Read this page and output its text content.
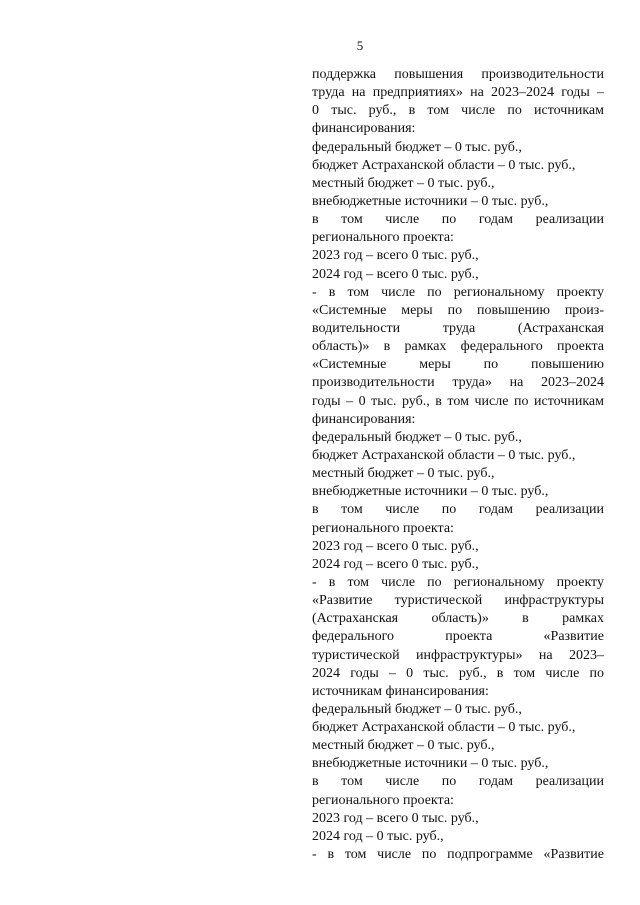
5
поддержка повышения производительности
труда на предприятиях» на 2023–2024 годы –
0 тыс. руб., в том числе по источникам
финансирования:
федеральный бюджет – 0 тыс. руб.,
бюджет Астраханской области – 0 тыс. руб.,
местный бюджет – 0 тыс. руб.,
внебюджетные источники – 0 тыс. руб.,
в том числе по годам реализации
регионального проекта:
2023 год – всего 0 тыс. руб.,
2024 год – всего 0 тыс. руб.,
- в том числе по региональному проекту
«Системные меры по повышению произ-
водительности труда (Астраханская
область)» в рамках федерального проекта
«Системные меры по повышению
производительности труда» на 2023–2024
годы – 0 тыс. руб., в том числе по источникам
финансирования:
федеральный бюджет – 0 тыс. руб.,
бюджет Астраханской области – 0 тыс. руб.,
местный бюджет – 0 тыс. руб.,
внебюджетные источники – 0 тыс. руб.,
в том числе по годам реализации
регионального проекта:
2023 год – всего 0 тыс. руб.,
2024 год – всего 0 тыс. руб.,
- в том числе по региональному проекту
«Развитие туристической инфраструктуры
(Астраханская область)» в рамках
федерального проекта «Развитие
туристической инфраструктуры» на 2023–
2024 годы – 0 тыс. руб., в том числе по
источникам финансирования:
федеральный бюджет – 0 тыс. руб.,
бюджет Астраханской области – 0 тыс. руб.,
местный бюджет – 0 тыс. руб.,
внебюджетные источники – 0 тыс. руб.,
в том числе по годам реализации
регионального проекта:
2023 год – всего 0 тыс. руб.,
2024 год – 0 тыс. руб.,
- в том числе по подпрограмме «Развитие
